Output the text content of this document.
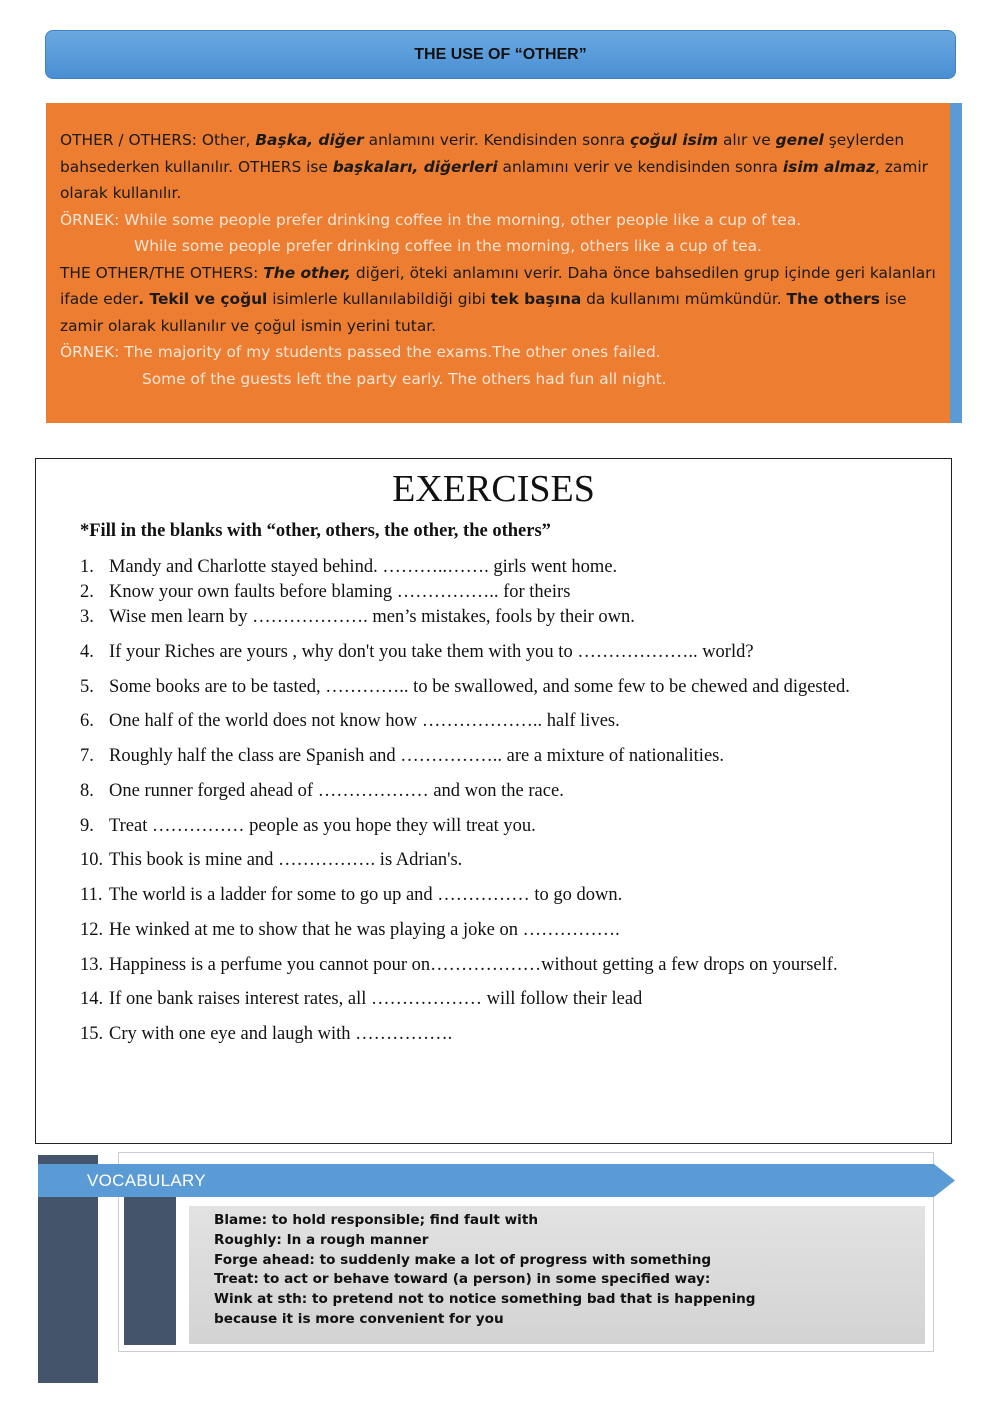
THE USE OF “OTHER”

OTHER / OTHERS: Other, Başka, diğer anlamını verir. Kendisinden sonra çoğul isim alır ve genel şeylerden bahsederken kullanılır. OTHERS ise başkaları, diğerleri anlamını verir ve kendisinden sonra isim almaz, zamir olarak kullanılır.

ÖRNEK: While some people prefer drinking coffee in the morning, other people like a cup of tea.

While some people prefer drinking coffee in the morning, others like a cup of tea.

THE OTHER/THE OTHERS: The other, diğeri, öteki anlamını verir. Daha önce bahsedilen grup içinde geri kalanları ifade eder. Tekil ve çoğul isimlerle kullanılabildiği gibi tek başına da kullanımı mümkündür. The others ise zamir olarak kullanılır ve çoğul ismin yerini tutar.

ÖRNEK: The majority of my students passed the exams.The other ones failed.

Some of the guests left the party early. The others had fun all night.

EXERCISES
*Fill in the blanks with “other, others, the other, the others”
1. Mandy and Charlotte stayed behind. ………..……. girls went home.
2. Know your own faults before blaming …………….. for theirs
3. Wise men learn by ………………. men’s mistakes, fools by their own.
4. If your Riches are yours , why don't you take them with you to ……………….. world?
5. Some books are to be tasted, ………….. to be swallowed, and some few to be chewed and digested.
6. One half of the world does not know how ……………….. half lives.
7. Roughly half the class are Spanish and …………….. are a mixture of nationalities.
8. One runner forged ahead of ……………… and won the race.
9. Treat …………… people as you hope they will treat you.
10. This book is mine and ……………. is Adrian's.
11. The world is a ladder for some to go up and …………… to go down.
12. He winked at me to show that he was playing a joke on …………….
13. Happiness is a perfume you cannot pour on………………without getting a few drops on yourself.
14. If one bank raises interest rates, all ……………… will follow their lead
15. Cry with one eye and laugh with …………….
VOCABULARY
Blame: to hold responsible; find fault with
Roughly: In a rough manner
Forge ahead: to suddenly make a lot of progress with something
Treat: to act or behave toward (a person) in some specified way:
Wink at sth: to pretend not to notice something bad that is happening
because it is more convenient for you
